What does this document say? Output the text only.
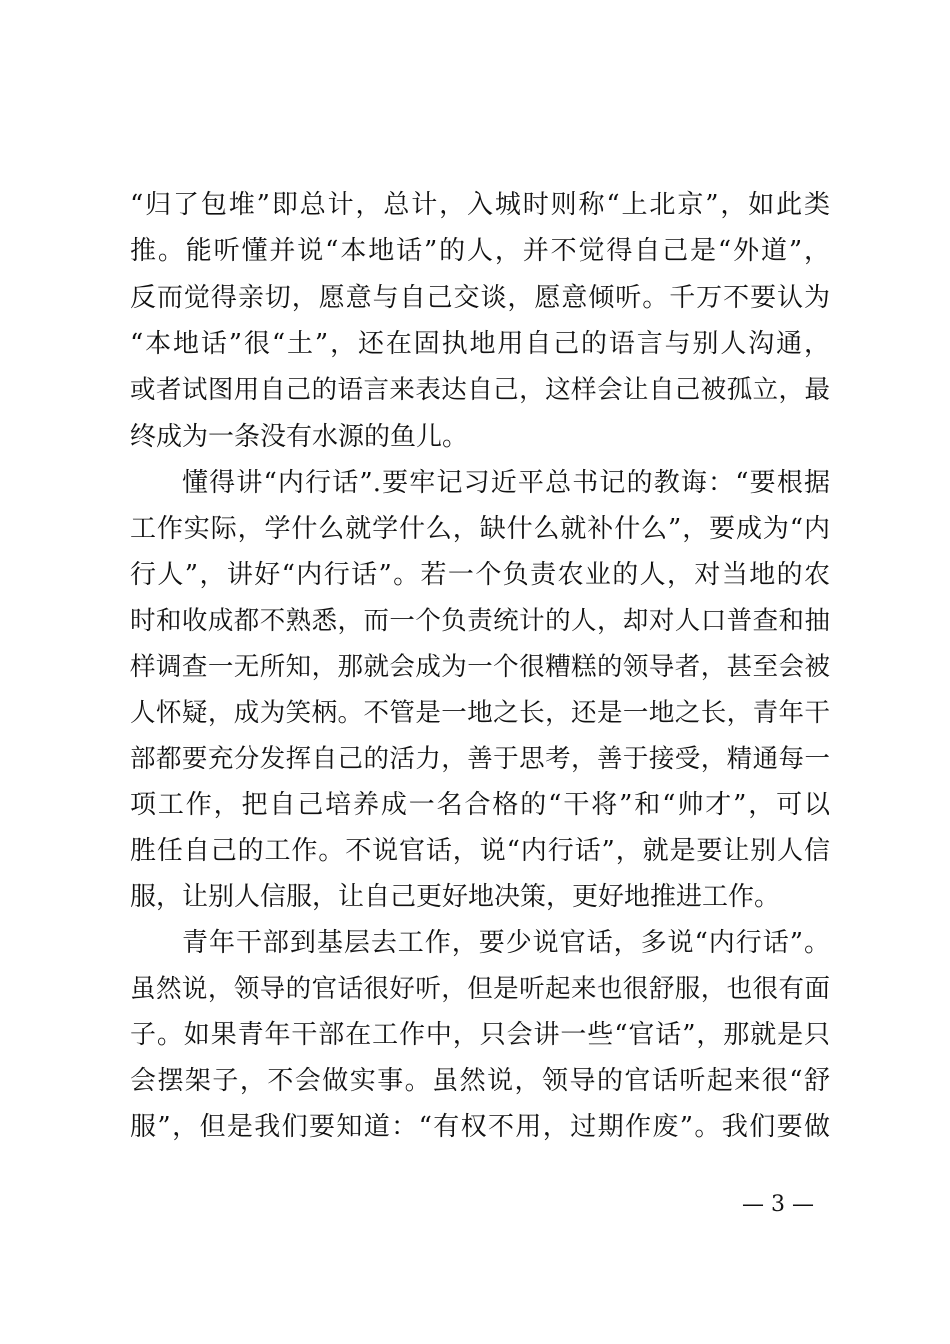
“归了包堆”即总计，总计，入城时则称“上北京”，如此类
推。能听懂并说“本地话”的人，并不觉得自己是“外道”，
反而觉得亲切，愿意与自己交谈，愿意倾听。千万不要认为
“本地话”很“土”，还在固执地用自己的语言与别人沟通，
或者试图用自己的语言来表达自己，这样会让自己被孤立，最
终成为一条没有水源的鱼儿。
懂得讲“内行话”.要牢记习近平总书记的教诲：“要根据
工作实际，学什么就学什么，缺什么就补什么”，要成为“内
行人”，讲好“内行话”。若一个负责农业的人，对当地的农
时和收成都不熟悉，而一个负责统计的人，却对人口普查和抽
样调查一无所知，那就会成为一个很糟糕的领导者，甚至会被
人怀疑，成为笑柄。不管是一地之长，还是一地之长，青年干
部都要充分发挥自己的活力，善于思考，善于接受，精通每一
项工作，把自己培养成一名合格的“干将”和“帅才”，可以
胜任自己的工作。不说官话，说“内行话”，就是要让别人信
服，让别人信服，让自己更好地决策，更好地推进工作。
青年干部到基层去工作，要少说官话，多说“内行话”。
虽然说，领导的官话很好听，但是听起来也很舒服，也很有面
子。如果青年干部在工作中，只会讲一些“官话”，那就是只
会摆架子，不会做实事。虽然说，领导的官话听起来很“舒
服”，但是我们要知道：“有权不用，过期作废”。我们要做
— 3 —
